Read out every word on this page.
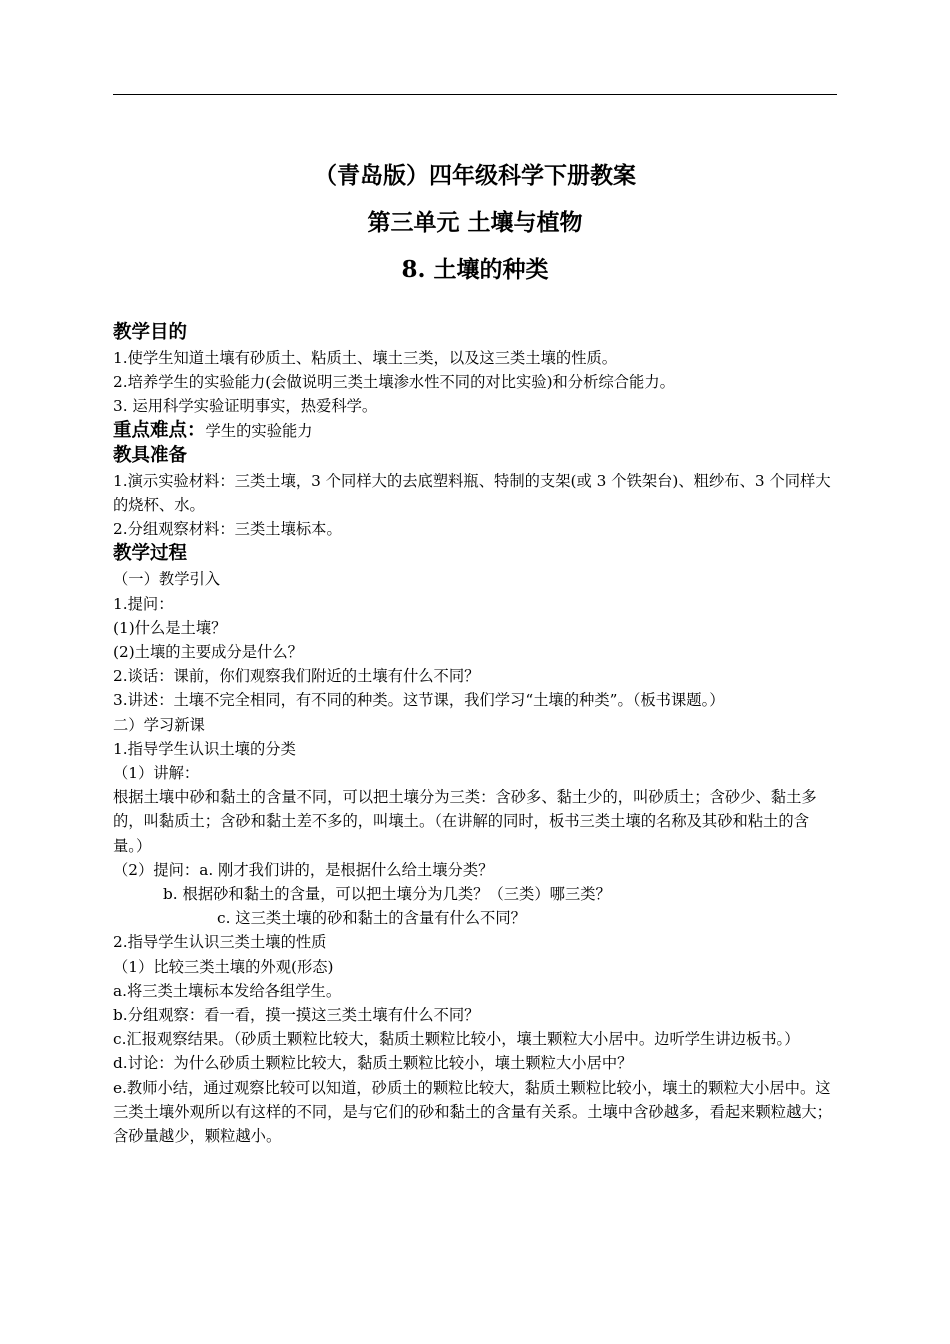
（青岛版）四年级科学下册教案
第三单元 土壤与植物
8. 土壤的种类

教学目的

1.使学生知道土壤有砂质土、粘质土、壤土三类，以及这三类土壤的性质。

2.培养学生的实验能力(会做说明三类土壤渗水性不同的对比实验)和分析综合能力。

3. 运用科学实验证明事实，热爱科学。

重点难点：学生的实验能力

教具准备

1.演示实验材料：三类土壤，3 个同样大的去底塑料瓶、特制的支架(或 3 个铁架台)、粗纱布、3 个同样大的烧杯、水。

2.分组观察材料：三类土壤标本。

教学过程

（一）教学引入

1.提问：

(1)什么是土壤？

(2)土壤的主要成分是什么？

2.谈话：课前，你们观察我们附近的土壤有什么不同？

3.讲述：土壤不完全相同，有不同的种类。这节课，我们学习“土壤的种类”。（板书课题。）

二）学习新课

1.指导学生认识土壤的分类

（1）讲解：

根据土壤中砂和黏土的含量不同，可以把土壤分为三类：含砂多、黏土少的，叫砂质土；含砂少、黏土多的，叫黏质土；含砂和黏土差不多的，叫壤土。（在讲解的同时，板书三类土壤的名称及其砂和粘土的含量。）

（2）提问：a. 刚才我们讲的，是根据什么给土壤分类？

b. 根据砂和黏土的含量，可以把土壤分为几类？（三类）哪三类？

c. 这三类土壤的砂和黏土的含量有什么不同？

2.指导学生认识三类土壤的性质

（1）比较三类土壤的外观(形态)

a.将三类土壤标本发给各组学生。

b.分组观察：看一看，摸一摸这三类土壤有什么不同？

c.汇报观察结果。（砂质土颗粒比较大，黏质土颗粒比较小，壤土颗粒大小居中。边听学生讲边板书。）

d.讨论：为什么砂质土颗粒比较大，黏质土颗粒比较小，壤土颗粒大小居中？

e.教师小结，通过观察比较可以知道，砂质土的颗粒比较大，黏质土颗粒比较小，壤土的颗粒大小居中。这三类土壤外观所以有这样的不同，是与它们的砂和黏土的含量有关系。土壤中含砂越多，看起来颗粒越大；含砂量越少，颗粒越小。
